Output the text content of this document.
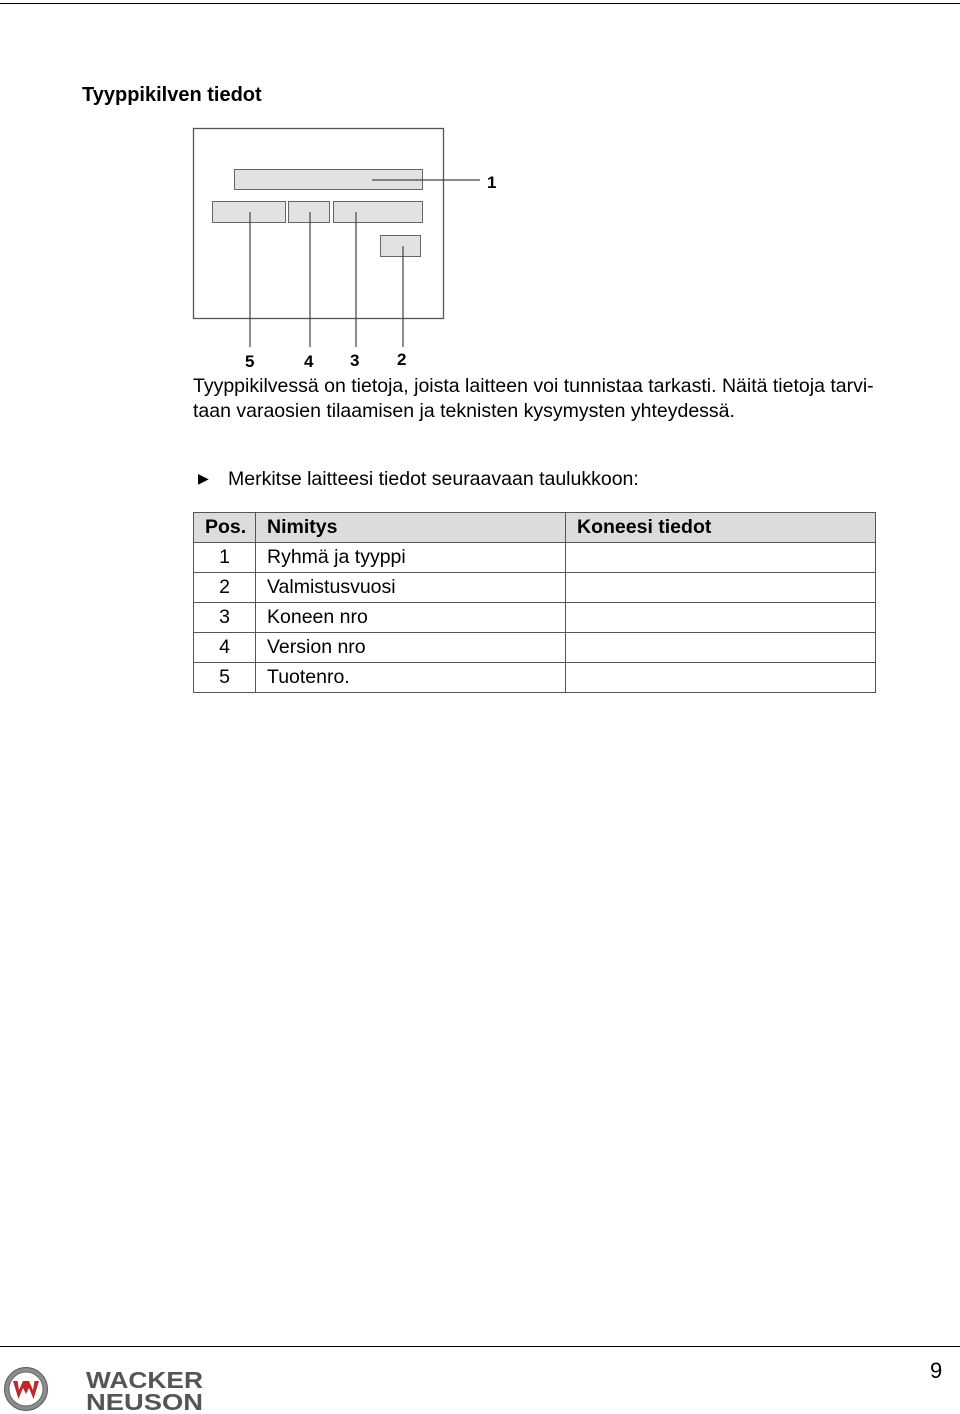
Tyyppikilven tiedot
1
5	4 3 2

Tyyppikilvessä on tietoja, joista laitteen voi tunnistaa tarkasti. Näitä tietoja tarvi-
taan varaosien tilaamisen ja teknisten kysymysten yhteydessä.

▶ Merkitse laitteesi tiedot seuraavaan taulukkoon:
Pos.	Nimitys	Koneesi tiedot
1	Ryhmä ja tyyppi	
2	Valmistusvuosi	
3	Koneen nro	
4	Version nro	
5	Tuotenro.	
WACKER
NEUSON
9
